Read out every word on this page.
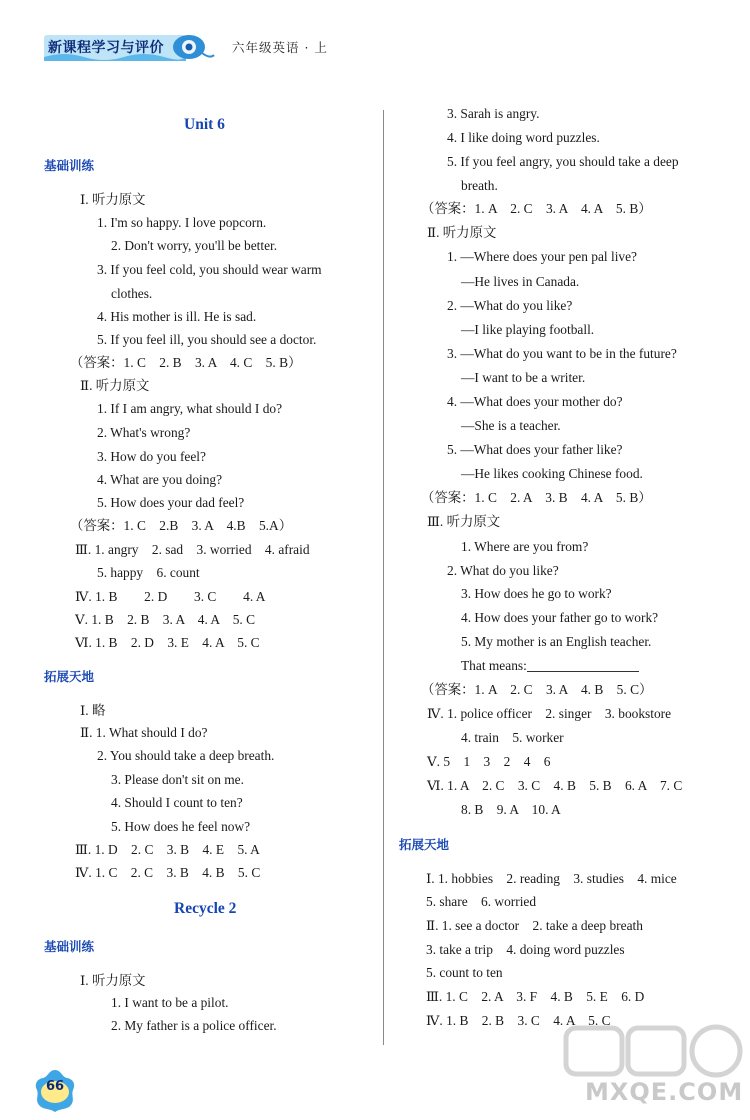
新课程学习与评价	六年级英语 · 上
Unit 6
基础训练
Ⅰ. 听力原文
1. I'm so happy. I love popcorn.
2. Don't worry, you'll be better.
3. If you feel cold, you should wear warm
clothes.
4. His mother is ill. He is sad.
5. If you feel ill, you should see a doctor.
（答案：1. C　2. B　3. A　4. C　5. B）
Ⅱ. 听力原文
1. If I am angry, what should I do?
2. What's wrong?
3. How do you feel?
4. What are you doing?
5. How does your dad feel?
（答案：1. C　2.B　3. A　4.B　5.A）
Ⅲ. 1. angry　2. sad　3. worried　4. afraid
5. happy　6. count
Ⅳ. 1. B　　2. D　　3. C　　4. A
Ⅴ. 1. B　2. B　3. A　4. A　5. C
Ⅵ. 1. B　2. D　3. E　4. A　5. C
拓展天地
Ⅰ. 略
Ⅱ. 1. What should I do?
2. You should take a deep breath.
3. Please don't sit on me.
4. Should I count to ten?
5. How does he feel now?
Ⅲ. 1. D　2. C　3. B　4. E　5. A
Ⅳ. 1. C　2. C　3. B　4. B　5. C
Recycle 2
基础训练
Ⅰ. 听力原文
1. I want to be a pilot.
2. My father is a police officer.
3. Sarah is angry.
4. I like doing word puzzles.
5. If you feel angry, you should take a deep
breath.
（答案：1. A　2. C　3. A　4. A　5. B）
Ⅱ. 听力原文
1. —Where does your pen pal live?
—He lives in Canada.
2. —What do you like?
—I like playing football.
3. —What do you want to be in the future?
—I want to be a writer.
4. —What does your mother do?
—She is a teacher.
5. —What does your father like?
—He likes cooking Chinese food.
（答案：1. C　2. A　3. B　4. A　5. B）
Ⅲ. 听力原文
1. Where are you from?
2. What do you like?
3. How does he go to work?
4. How does your father go to work?
5. My mother is an English teacher.
That means:
（答案：1. A　2. C　3. A　4. B　5. C）
Ⅳ. 1. police officer　2. singer　3. bookstore
4. train　5. worker
Ⅴ. 5　1　3　2　4　6
Ⅵ. 1. A　2. C　3. C　4. B　5. B　6. A　7. C
8. B　9. A　10. A
拓展天地
Ⅰ. 1. hobbies　2. reading　3. studies　4. mice
5. share　6. worried
Ⅱ. 1. see a doctor　2. take a deep breath
3. take a trip　4. doing word puzzles
5. count to ten
Ⅲ. 1. C　2. A　3. F　4. B　5. E　6. D
Ⅳ. 1. B　2. B　3. C　4. A　5. C
66	MXQE.COM
